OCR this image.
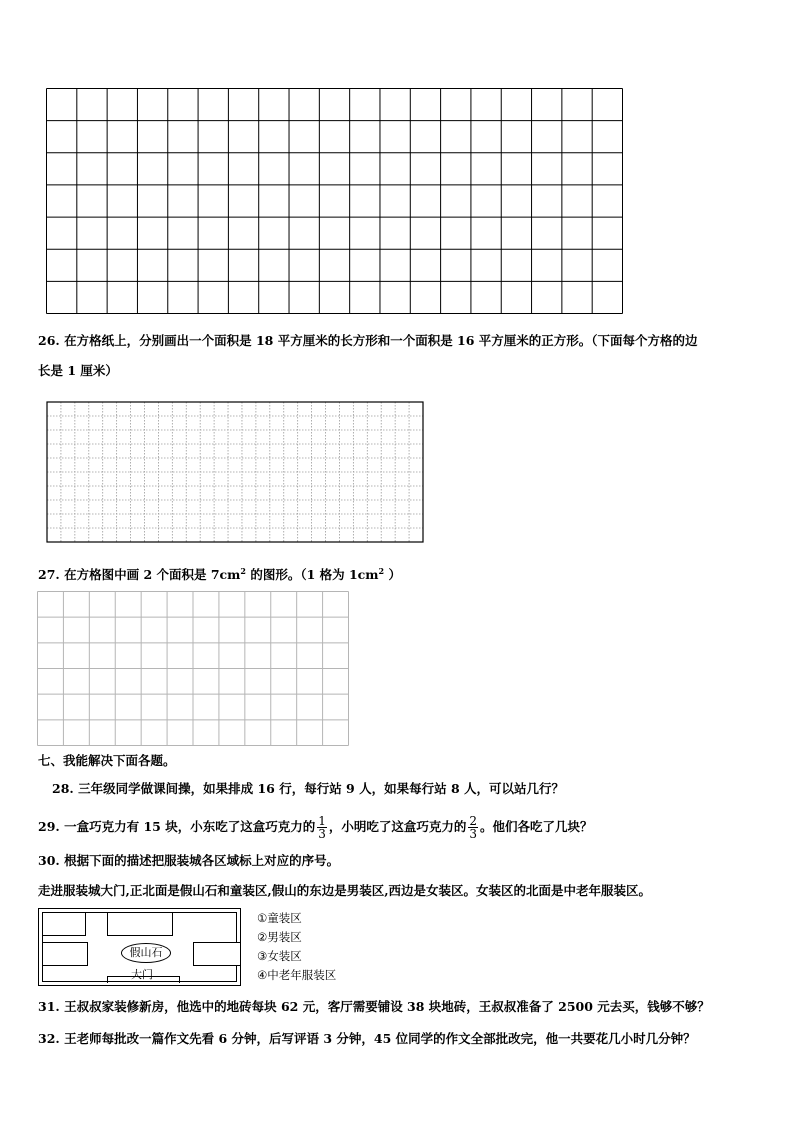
26. 在方格纸上，分别画出一个面积是 18 平方厘米的长方形和一个面积是 16 平方厘米的正方形。（下面每个方格的边
长是 1 厘米）
27. 在方格图中画 2 个面积是 $7cm^2$ 的图形。（1 格为 $1cm^2$ ）
七、我能解决下面各题。
28. 三年级同学做课间操，如果排成 16 行，每行站 9 人，如果每行站 8 人，可以站几行？
29. 一盒巧克力有 15 块，小东吃了这盒巧克力的 $\frac{1}{3}$ ，小明吃了这盒巧克力的 $\frac{2}{3}$ 。他们各吃了几块？
30. 根据下面的描述把服装城各区域标上对应的序号。
走进服装城大门,正北面是假山石和童装区,假山的东边是男装区,西边是女装区。女装区的北面是中老年服装区。
假山石
大门
①童装区
②男装区
③女装区
④中老年服装区
31. 王叔叔家装修新房，他选中的地砖每块 62 元，客厅需要铺设 38 块地砖，王叔叔准备了 2500 元去买，钱够不够？
32. 王老师每批改一篇作文先看 6 分钟，后写评语 3 分钟，45 位同学的作文全部批改完，他一共要花几小时几分钟？
